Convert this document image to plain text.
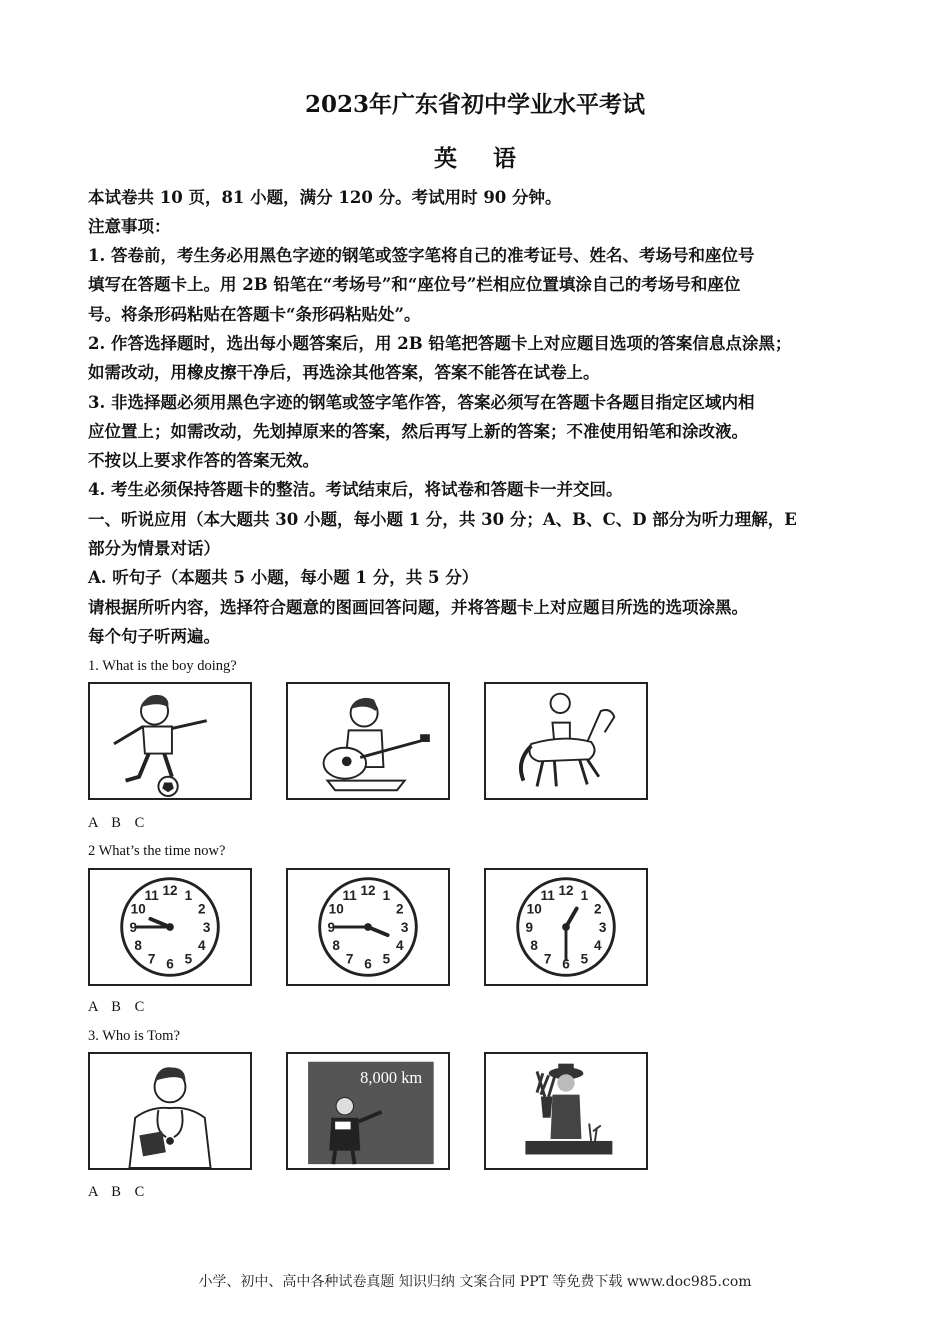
2023年广东省初中学业水平考试
英 语
本试卷共 10 页，81 小题，满分 120 分。考试用时 90 分钟。
注意事项：
1. 答卷前，考生务必用黑色字迹的钢笔或签字笔将自己的准考证号、姓名、考场号和座位号
填写在答题卡上。用 2B 铅笔在“考场号”和“座位号”栏相应位置填涂自己的考场号和座位
号。将条形码粘贴在答题卡“条形码粘贴处”。
2. 作答选择题时，选出每小题答案后，用 2B 铅笔把答题卡上对应题目选项的答案信息点涂黑；
如需改动，用橡皮擦干净后，再选涂其他答案，答案不能答在试卷上。
3. 非选择题必须用黑色字迹的钢笔或签字笔作答，答案必须写在答题卡各题目指定区域内相
应位置上；如需改动，先划掉原来的答案，然后再写上新的答案；不准使用铅笔和涂改液。
不按以上要求作答的答案无效。
4. 考生必须保持答题卡的整洁。考试结束后，将试卷和答题卡一并交回。
一、听说应用（本大题共 30 小题，每小题 1 分，共 30 分；A、B、C、D 部分为听力理解，E
部分为情景对话）
A. 听句子（本题共 5 小题，每小题 1 分，共 5 分）
请根据所听内容，选择符合题意的图画回答问题，并将答题卡上对应题目所选的选项涂黑。
每个句子听两遍。
1. What is the boy doing?
A B C
2 What’s the time now?
12 1
2
3
4
5
6
7
8
9
10
11	12 1
2
3
4
5
6
7
8
9
10
11	12 1
2
3
4
5
6
7
8
9
10
11
A B C
3. Who is Tom?
8,000 km
A B C
小学、初中、高中各种试卷真题 知识归纳 文案合同 PPT 等免费下载 www.doc985.com
